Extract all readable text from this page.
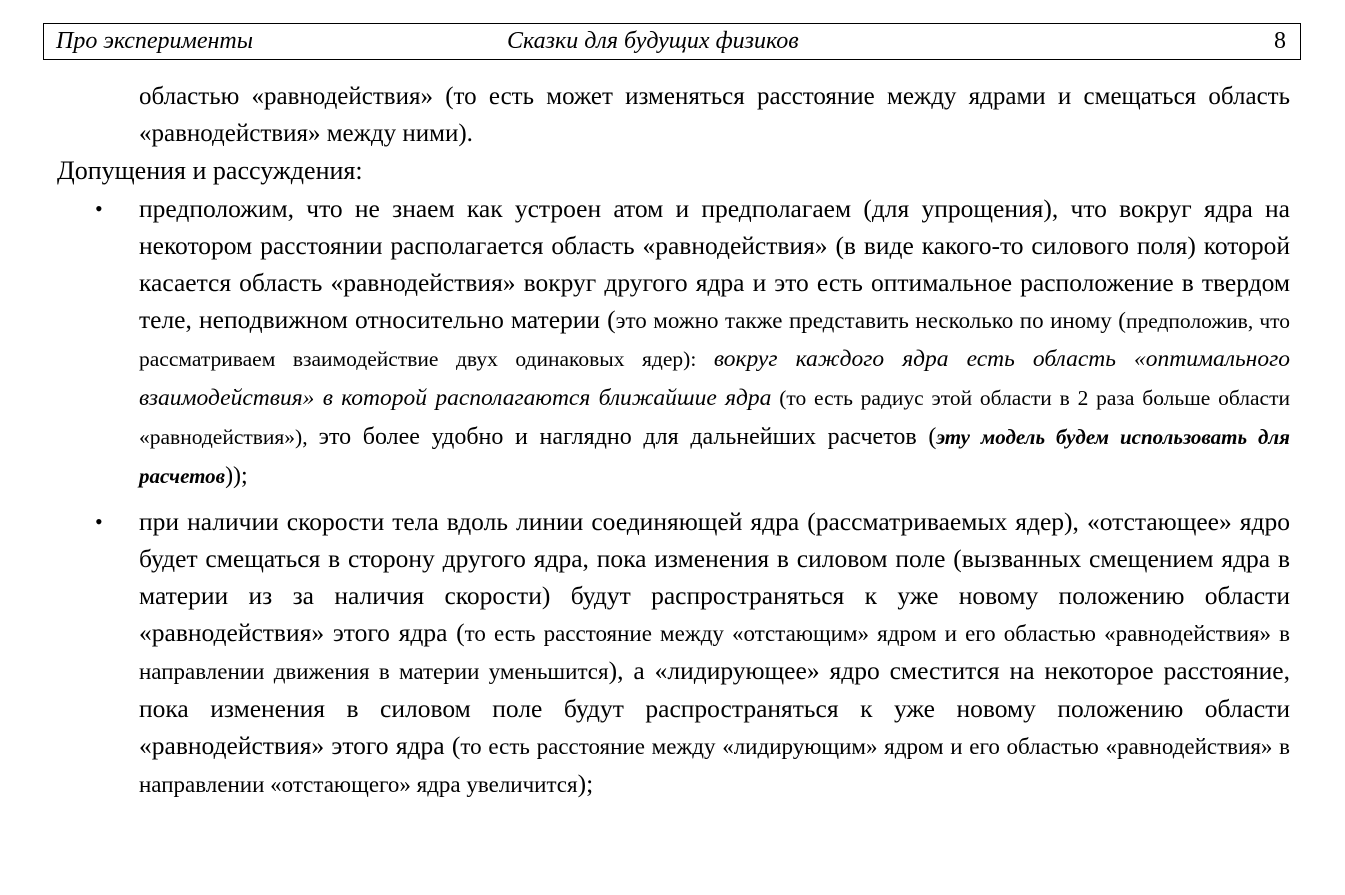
Про эксперименты	Сказки для будущих физиков	8

областью «равнодействия» (то есть может изменяться расстояние между ядрами и смещаться область «равнодействия» между ними).

Допущения и рассуждения:

• предположим, что не знаем как устроен атом и предполагаем (для упрощения), что вокруг ядра на некотором расстоянии располагается область «равнодействия» (в виде какого-то силового поля) которой касается область «равнодействия» вокруг другого ядра и это есть оптимальное расположение в твердом теле, неподвижном относительно материи (это можно также представить несколько по иному (предположив, что рассматриваем взаимодействие двух одинаковых ядер): вокруг каждого ядра есть область «оптимального взаимодействия» в которой располагаются ближайшие ядра (то есть радиус этой области в 2 раза больше области «равнодействия»), это более удобно и наглядно для дальнейших расчетов (эту модель будем использовать для расчетов));
• при наличии скорости тела вдоль линии соединяющей ядра (рассматриваемых ядер), «отстающее» ядро будет смещаться в сторону другого ядра, пока изменения в силовом поле (вызванных смещением ядра в материи из за наличия скорости) будут распространяться к уже новому положению области «равнодействия» этого ядра (то есть расстояние между «отстающим» ядром и его областью «равнодействия» в направлении движения в материи уменьшится), а «лидирующее» ядро сместится на некоторое расстояние, пока изменения в силовом поле будут распространяться к уже новому положению области «равнодействия» этого ядра (то есть расстояние между «лидирующим» ядром и его областью «равнодействия» в направлении «отстающего» ядра увеличится);
